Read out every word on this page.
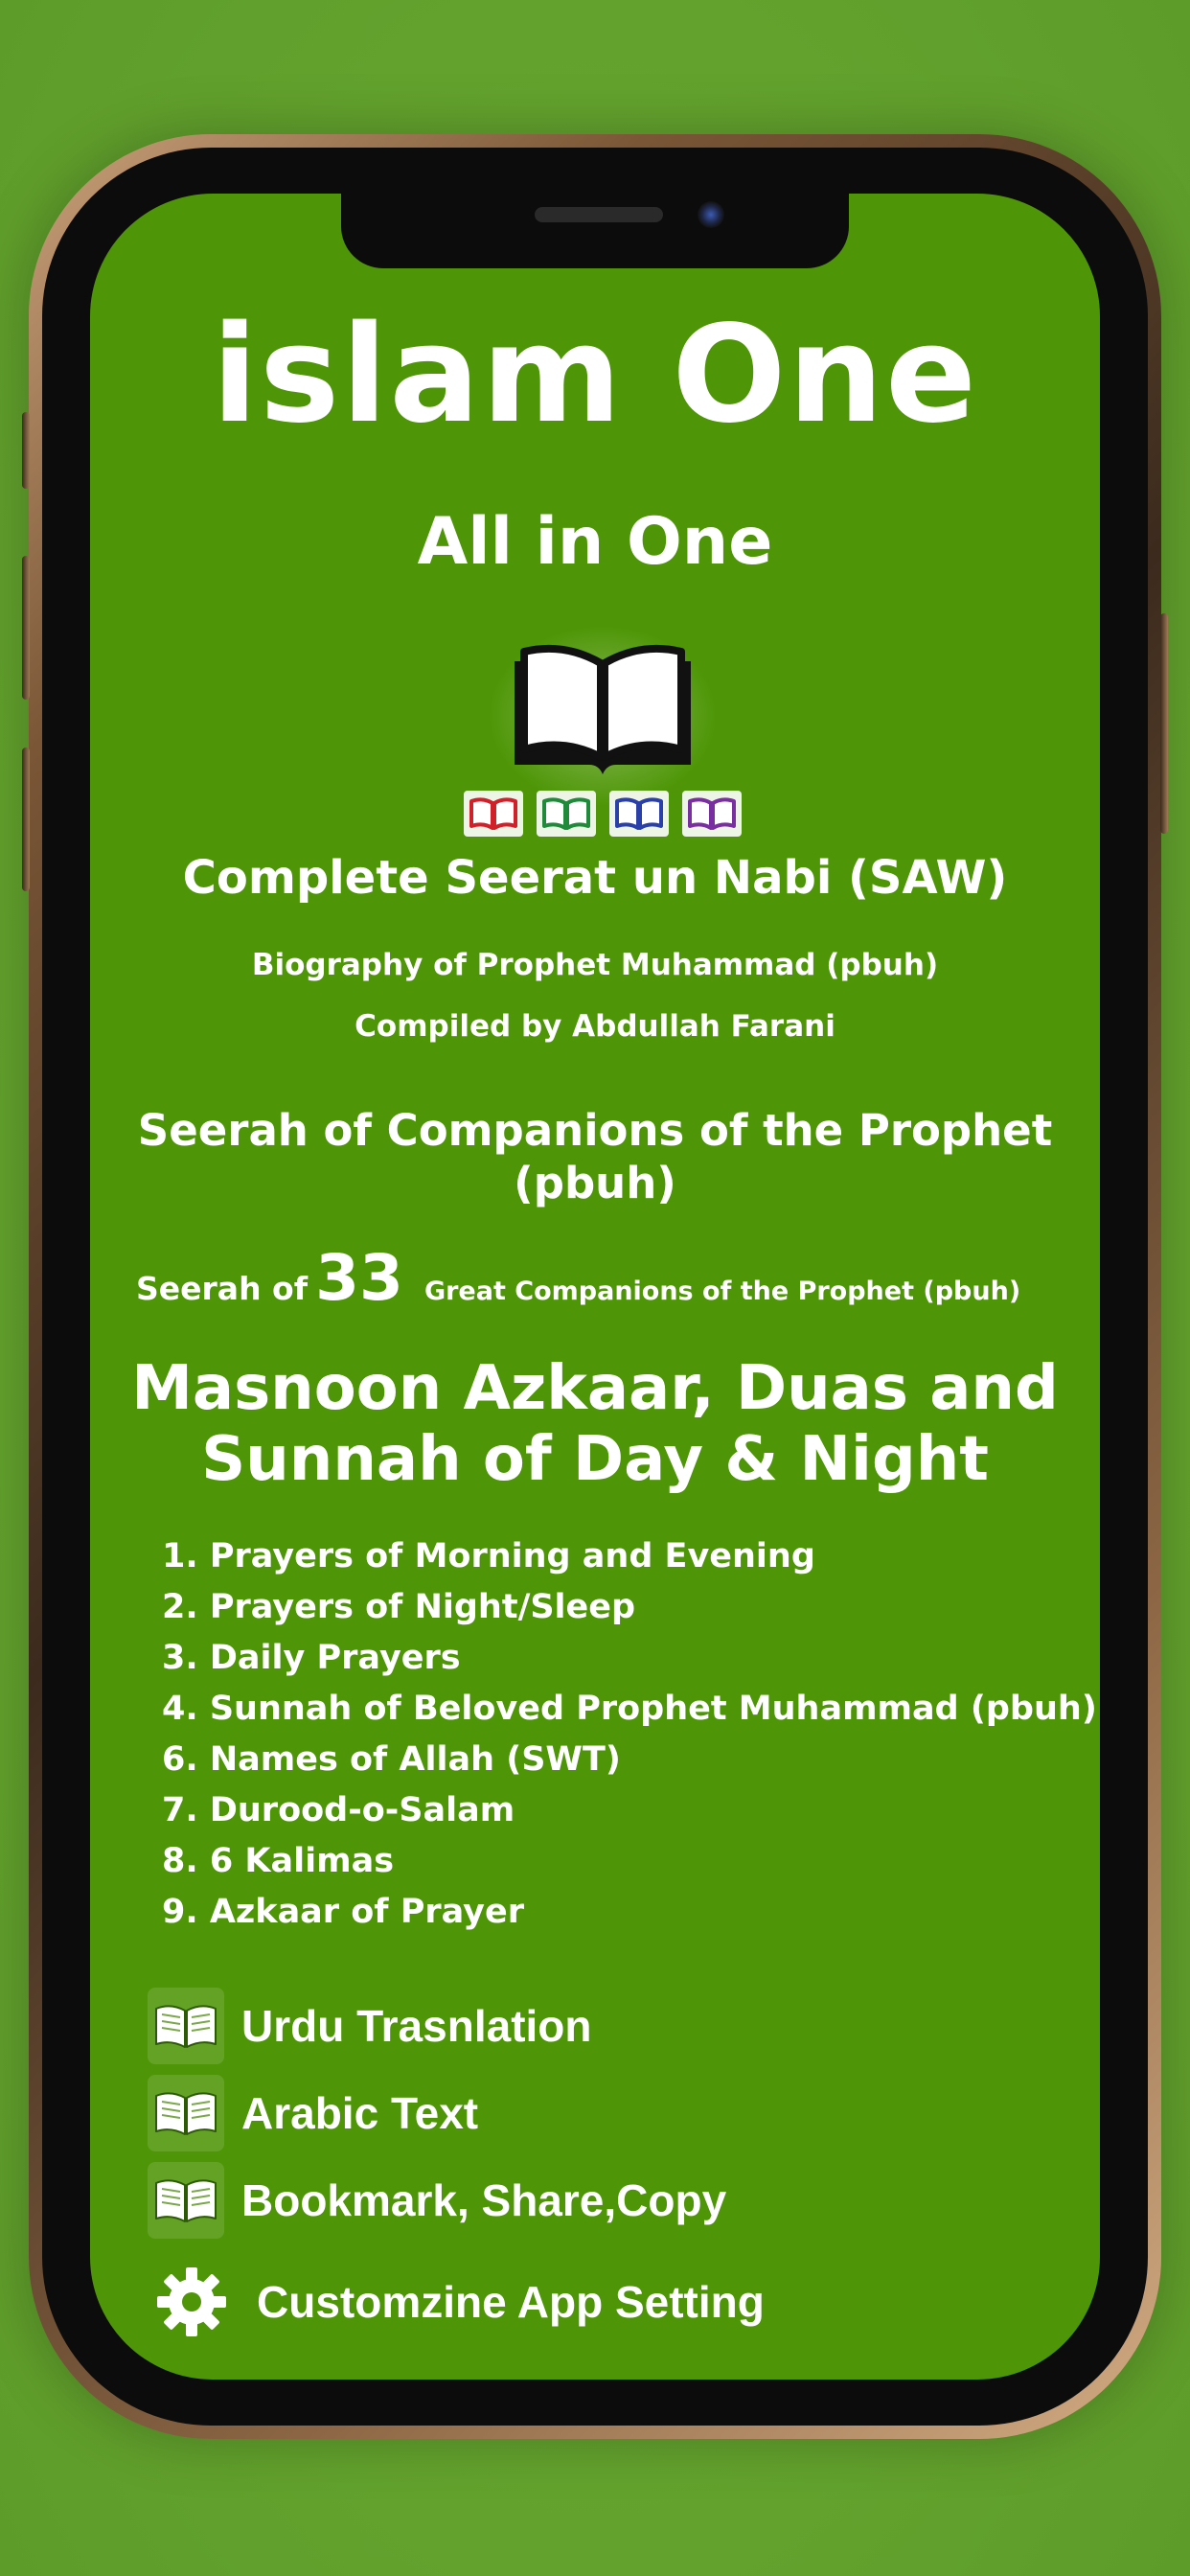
islam One
All in One
Complete Seerat un Nabi (SAW)
Biography of Prophet Muhammad (pbuh)
Compiled by Abdullah Farani
Seerah of Companions of the Prophet
(pbuh)
Seerah of 33 Great Companions of the Prophet (pbuh)
Masnoon Azkaar, Duas and
Sunnah of Day & Night
1. Prayers of Morning and Evening
2. Prayers of Night/Sleep
3. Daily Prayers
4. Sunnah of Beloved Prophet Muhammad (pbuh)
6. Names of Allah (SWT)
7. Durood-o-Salam
8. 6 Kalimas
9. Azkaar of Prayer
Urdu Trasnlation
Arabic Text
Bookmark, Share,Copy
Customzine App Setting
